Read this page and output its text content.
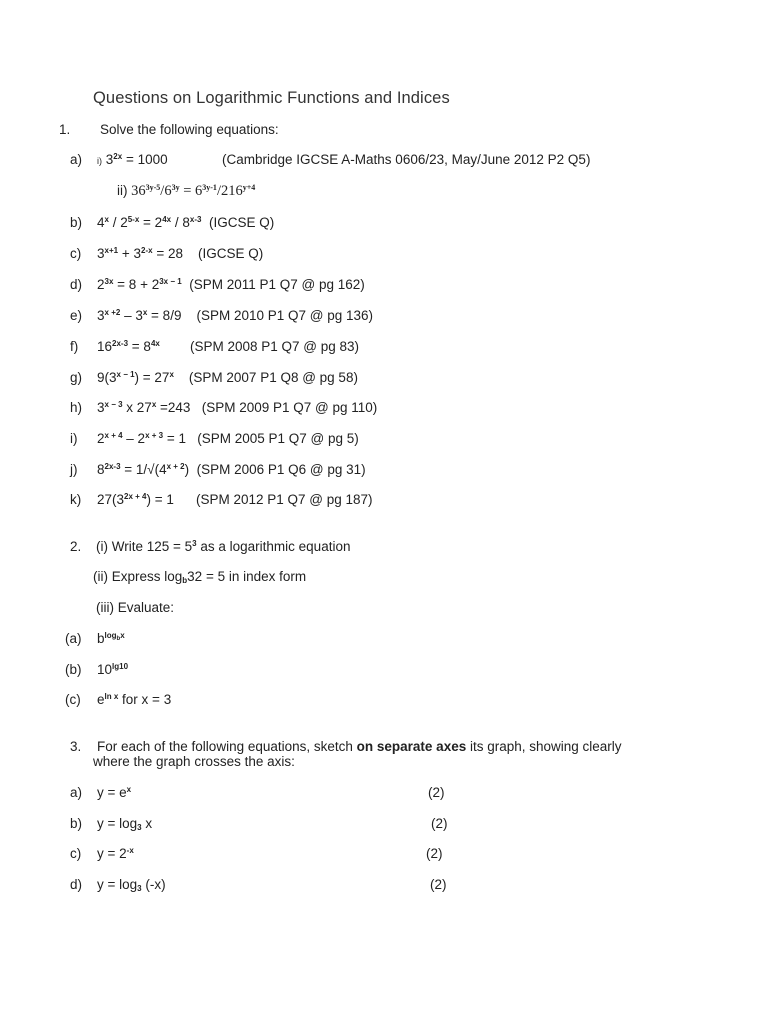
Questions on Logarithmic Functions and Indices
1. Solve the following equations:
a) i) $3^{2x} = 1000$	(Cambridge IGCSE A-Maths 0606/23, May/June 2012 P2 Q5)
ii) $36^{3y-5}/6^{3y} = 6^{3y-1}/216^{y+4}$
b) $4^x / 2^{5-x} = 2^{4x} / 8^{x-3}$ (IGCSE Q)
c) $3^{x+1} + 3^{2-x} = 28$ (IGCSE Q)
d) $2^{3x} = 8 + 2^{3x - 1}$ (SPM 2011 P1 Q7 @ pg 162)
e) $3^{x +2} - 3^x = 8/9$ (SPM 2010 P1 Q7 @ pg 136)
f) $16^{2x-3} = 8^{4x}$ (SPM 2008 P1 Q7 @ pg 83)
g) $9(3^{x - 1}) = 27^x$ (SPM 2007 P1 Q8 @ pg 58)
h) $3^{x - 3}$ x $27^x =243$ (SPM 2009 P1 Q7 @ pg 110)
i) $2^{x + 4} - 2^{x + 3} = 1$ (SPM 2005 P1 Q7 @ pg 5)
j) $8^{2x-3} = 1/√(4^{x + 2})$ (SPM 2006 P1 Q6 @ pg 31)
k) $27(3^{2x + 4}) = 1$ (SPM 2012 P1 Q7 @ pg 187)
2. (i) Write $125 = 5^3$ as a logarithmic equation
(ii) Express $\log_b32 = 5$ in index form
(iii) Evaluate:
(a) $b^{log_bx}$
(b) $10^{lg10}$
(c) $e^{ln x}$ for x = 3
3. For each of the following equations, sketch on separate axes its graph, showing clearly
where the graph crosses the axis:
a) $y = e^x$	(2)
b) $y = \log_3 x$	(2)
c) $y = 2^{-x}$	(2)
d) $y = \log_3 (-x)$	(2)
